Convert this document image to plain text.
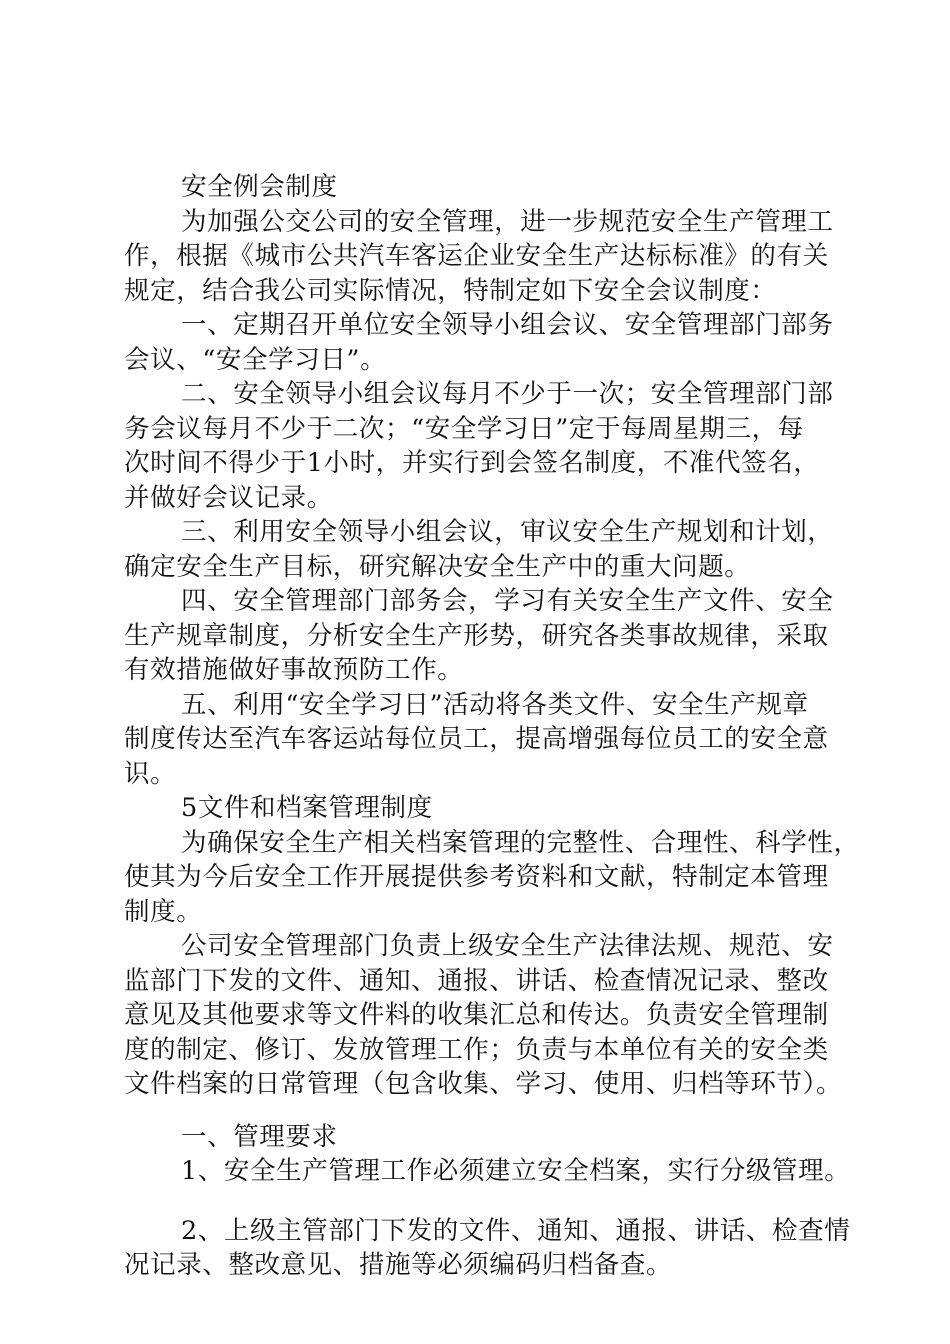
安全例会制度
为加强公交公司的安全管理，进一步规范安全生产管理工
作，根据《城市公共汽车客运企业安全生产达标标准》的有关
规定，结合我公司实际情况，特制定如下安全会议制度：
一、定期召开单位安全领导小组会议、安全管理部门部务
会议、“安全学习日”。
二、安全领导小组会议每月不少于一次；安全管理部门部
务会议每月不少于二次；“安全学习日”定于每周星期三，每
次时间不得少于1小时，并实行到会签名制度，不准代签名，
并做好会议记录。
三、利用安全领导小组会议，审议安全生产规划和计划，
确定安全生产目标，研究解决安全生产中的重大问题。
四、安全管理部门部务会，学习有关安全生产文件、安全
生产规章制度，分析安全生产形势，研究各类事故规律，采取
有效措施做好事故预防工作。
五、利用“安全学习日”活动将各类文件、安全生产规章
制度传达至汽车客运站每位员工，提高增强每位员工的安全意
识。
5文件和档案管理制度
为确保安全生产相关档案管理的完整性、合理性、科学性，
使其为今后安全工作开展提供参考资料和文献，特制定本管理
制度。
公司安全管理部门负责上级安全生产法律法规、规范、安
监部门下发的文件、通知、通报、讲话、检查情况记录、整改
意见及其他要求等文件料的收集汇总和传达。负责安全管理制
度的制定、修订、发放管理工作；负责与本单位有关的安全类
文件档案的日常管理（包含收集、学习、使用、归档等环节）。
一、管理要求
1、安全生产管理工作必须建立安全档案，实行分级管理。
2、上级主管部门下发的文件、通知、通报、讲话、检查情
况记录、整改意见、措施等必须编码归档备查。
